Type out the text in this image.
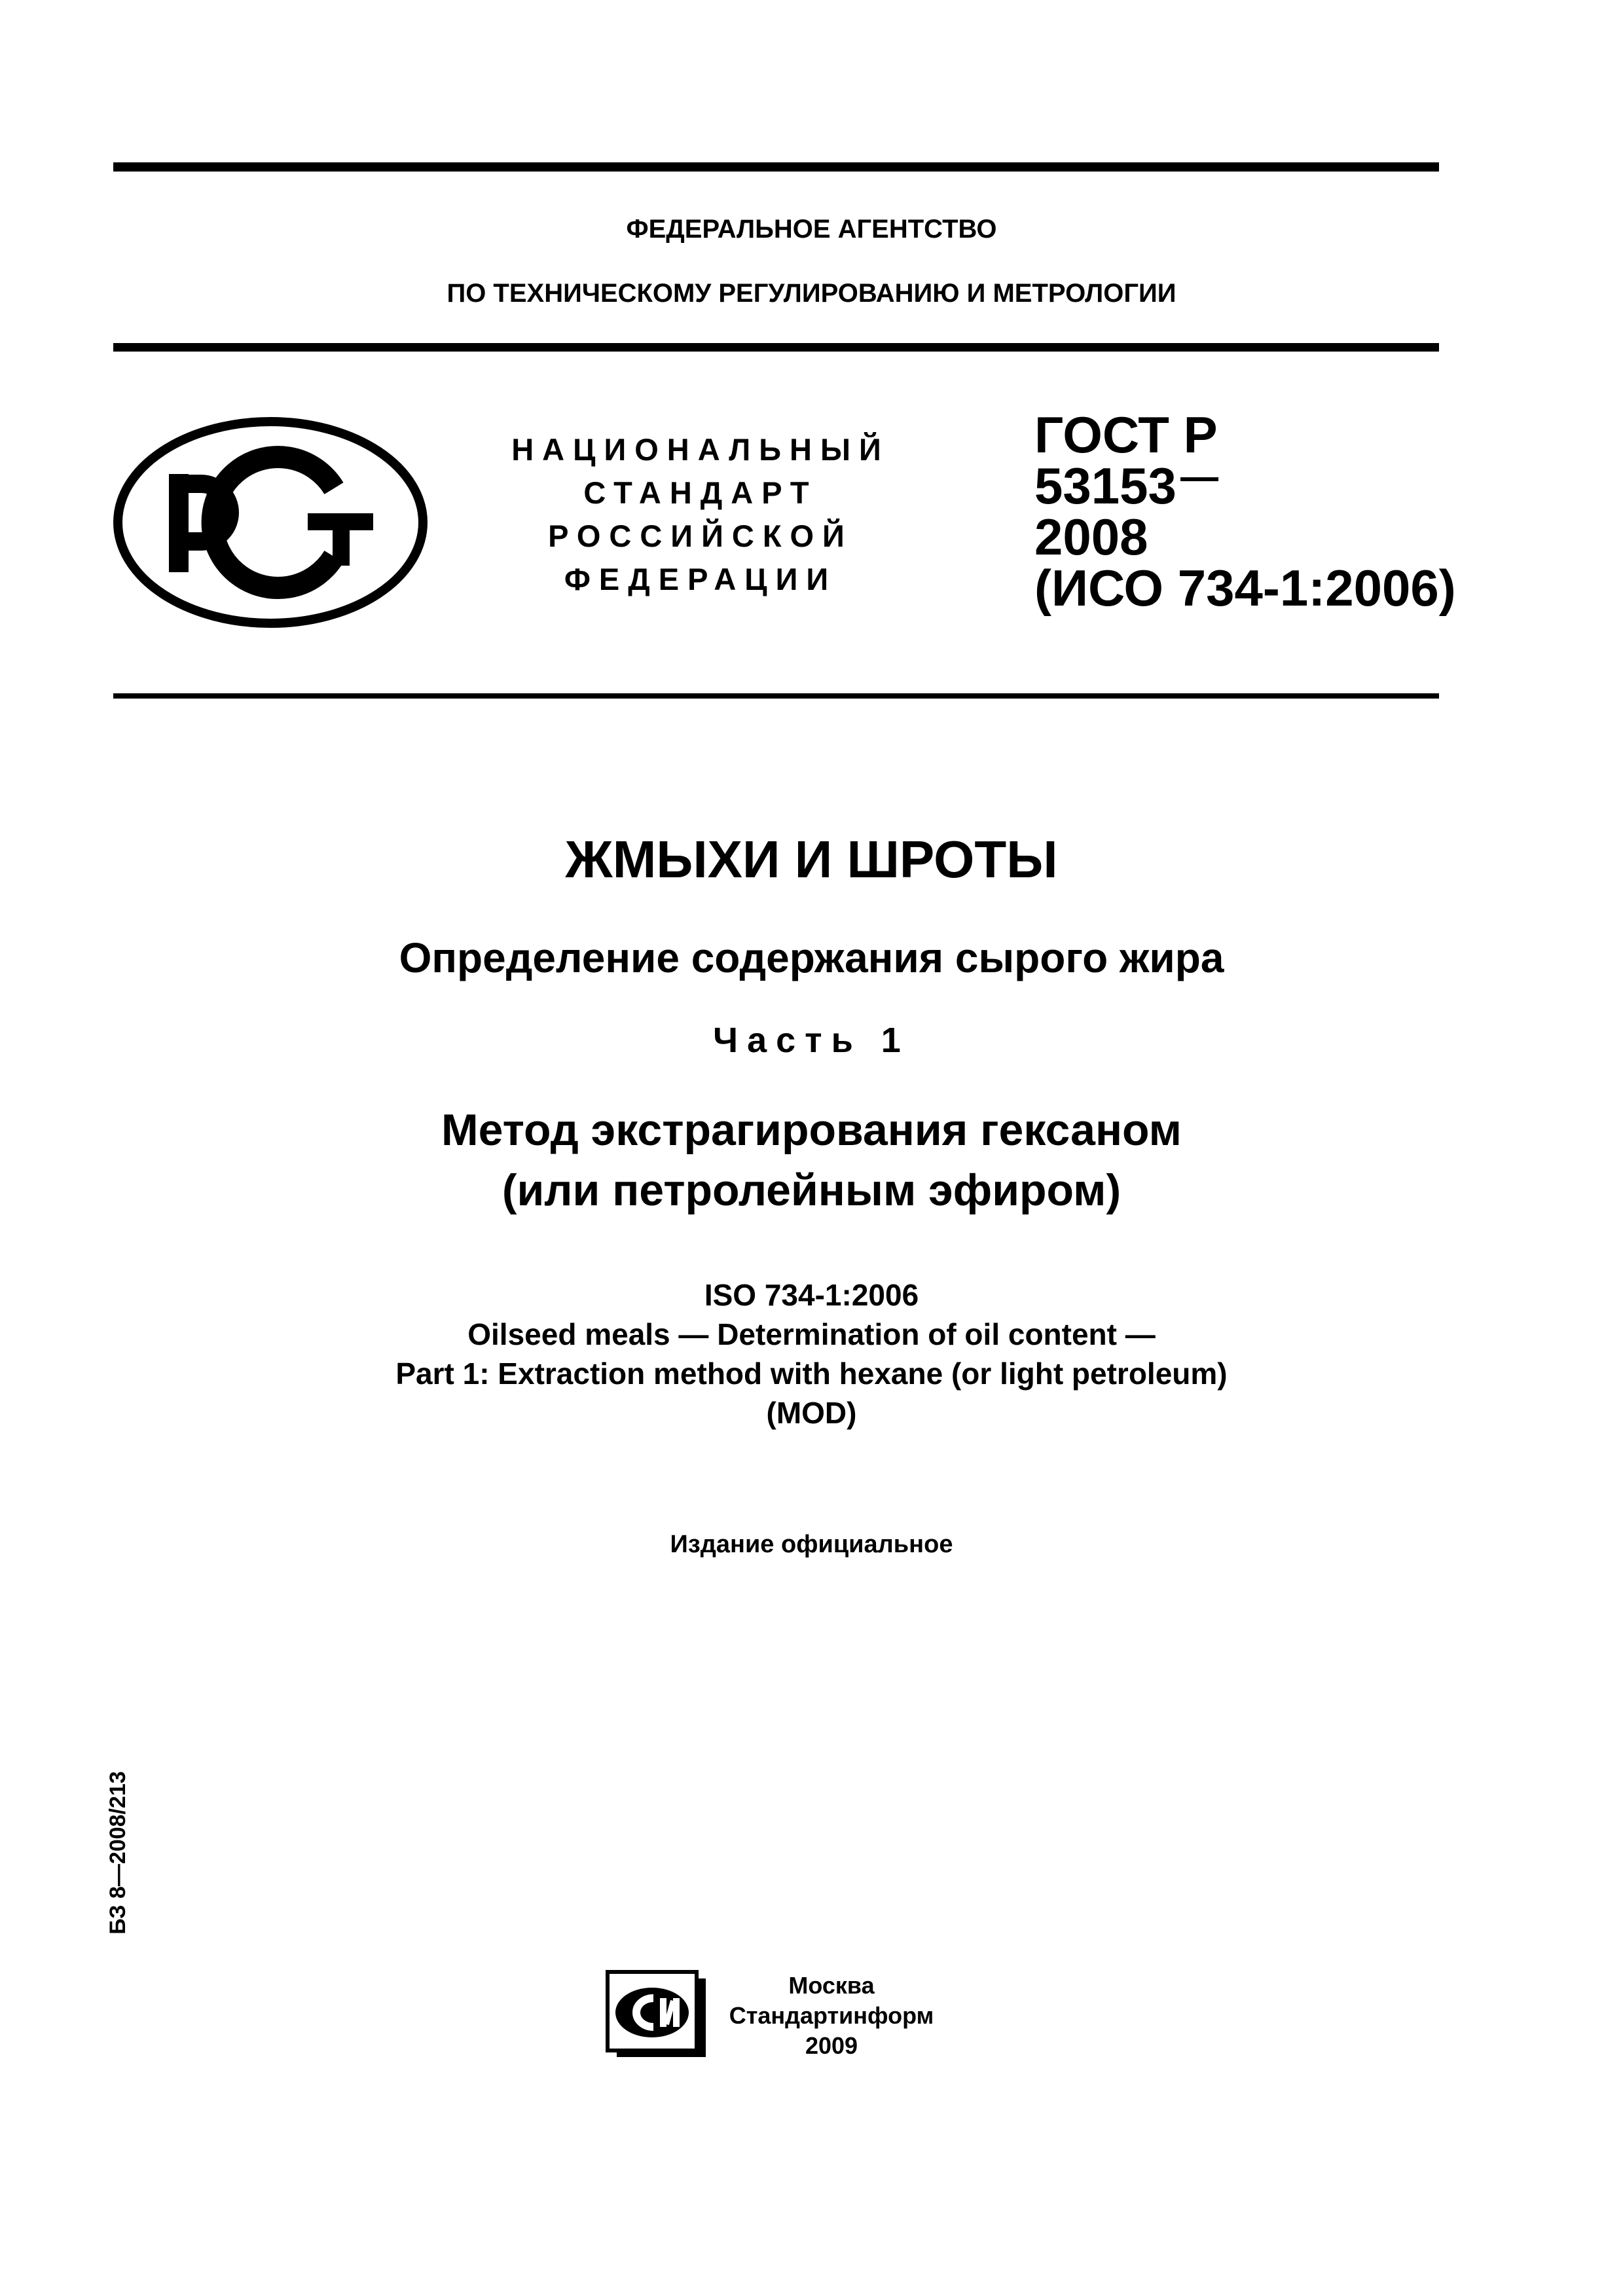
ФЕДЕРАЛЬНОЕ АГЕНТСТВО
ПО ТЕХНИЧЕСКОМУ РЕГУЛИРОВАНИЮ И МЕТРОЛОГИИ
НАЦИОНАЛЬНЫЙ
СТАНДАРТ
РОССИЙСКОЙ
ФЕДЕРАЦИИ
ГОСТ Р
53153
2008
(ИСО 734-1:2006)
ЖМЫХИ И ШРОТЫ
Определение содержания сырого жира
Часть 1
Метод экстрагирования гексаном
(или петролейным эфиром)
ISO 734-1:2006
Oilseed meals — Determination of oil content —
Part 1: Extraction method with hexane (or light petroleum)
(MOD)
Издание официальное
БЗ 8—2008/213
Москва
Стандартинформ
2009
